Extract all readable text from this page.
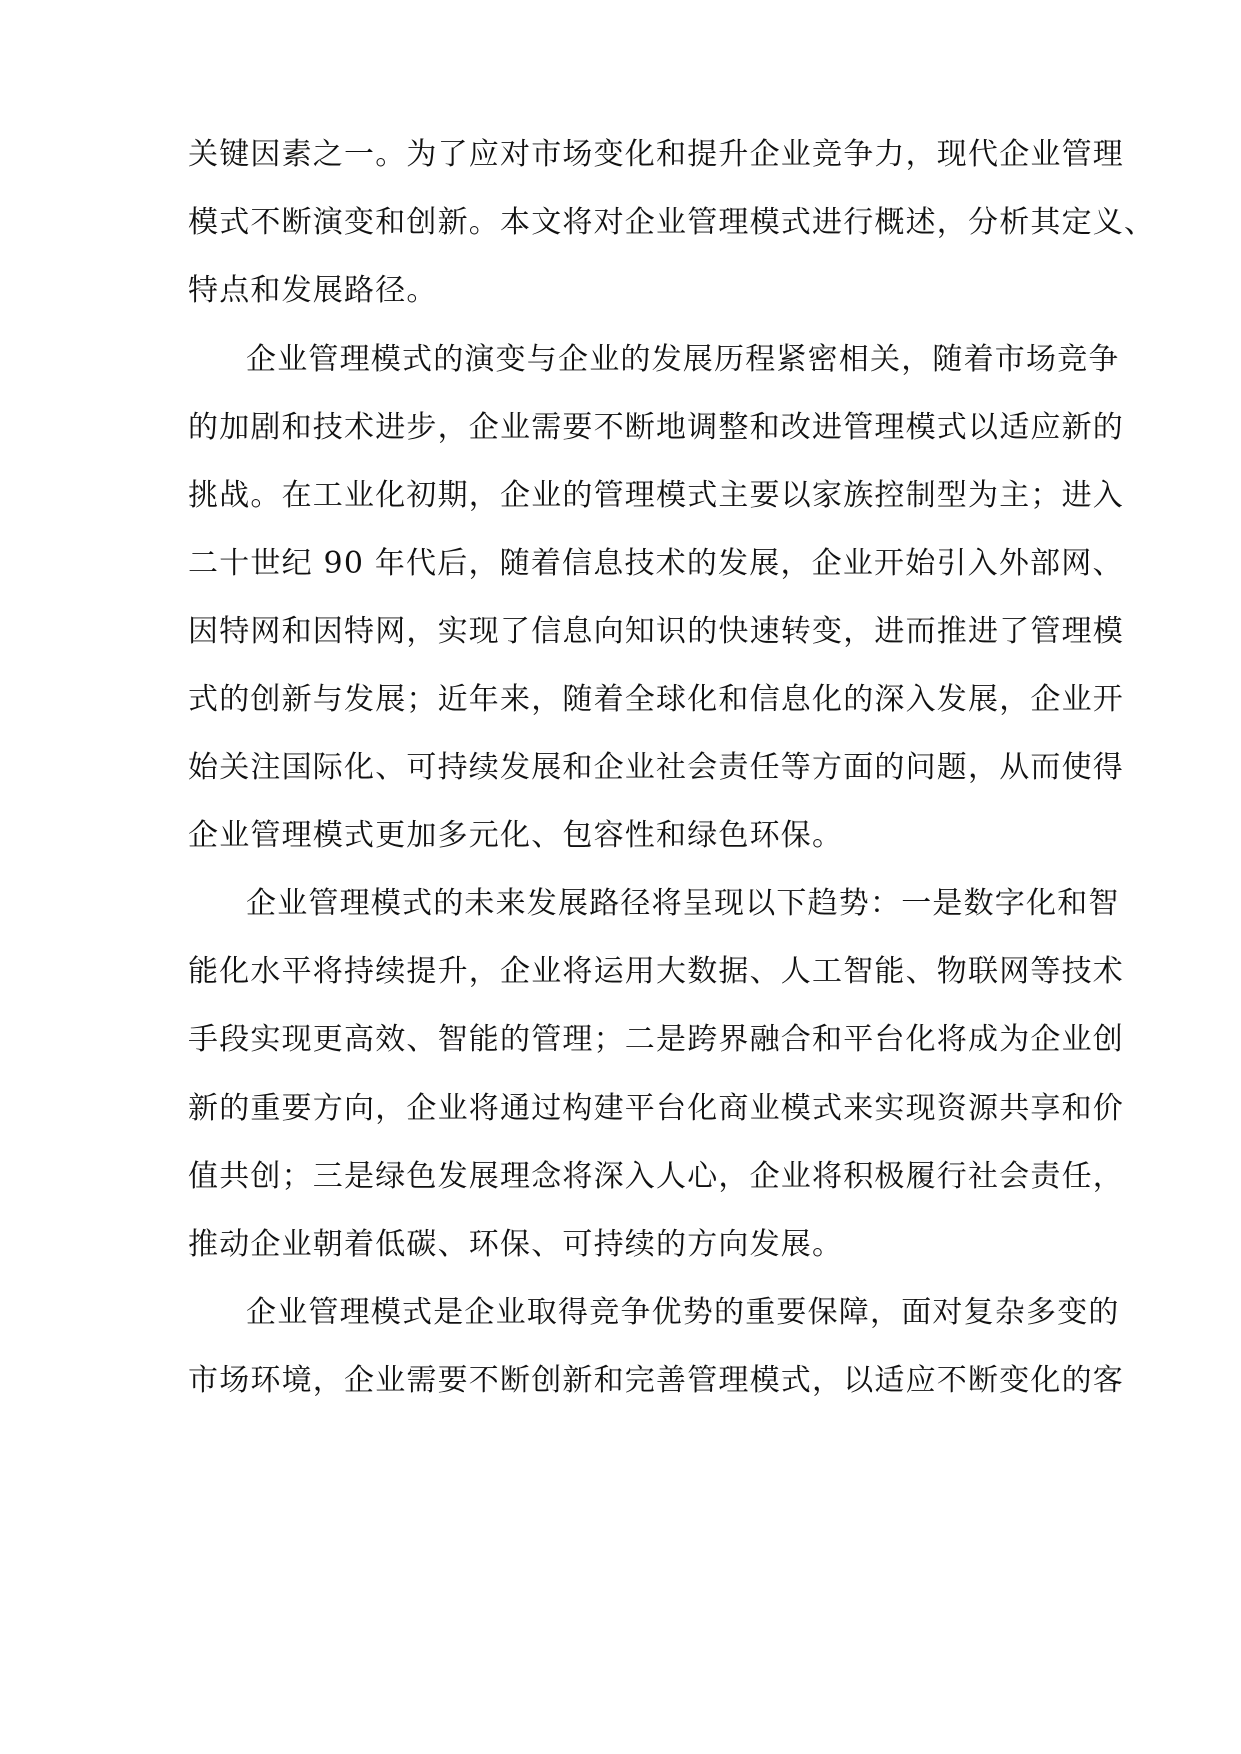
关键因素之一。为了应对市场变化和提升企业竞争力，现代企业管理
模式不断演变和创新。本文将对企业管理模式进行概述，分析其定义、
特点和发展路径。
企业管理模式的演变与企业的发展历程紧密相关，随着市场竞争
的加剧和技术进步，企业需要不断地调整和改进管理模式以适应新的
挑战。在工业化初期，企业的管理模式主要以家族控制型为主；进入
二十世纪 90 年代后，随着信息技术的发展，企业开始引入外部网、
因特网和因特网，实现了信息向知识的快速转变，进而推进了管理模
式的创新与发展；近年来，随着全球化和信息化的深入发展，企业开
始关注国际化、可持续发展和企业社会责任等方面的问题，从而使得
企业管理模式更加多元化、包容性和绿色环保。
企业管理模式的未来发展路径将呈现以下趋势：一是数字化和智
能化水平将持续提升，企业将运用大数据、人工智能、物联网等技术
手段实现更高效、智能的管理；二是跨界融合和平台化将成为企业创
新的重要方向，企业将通过构建平台化商业模式来实现资源共享和价
值共创；三是绿色发展理念将深入人心，企业将积极履行社会责任，
推动企业朝着低碳、环保、可持续的方向发展。
企业管理模式是企业取得竞争优势的重要保障，面对复杂多变的
市场环境，企业需要不断创新和完善管理模式，以适应不断变化的客
